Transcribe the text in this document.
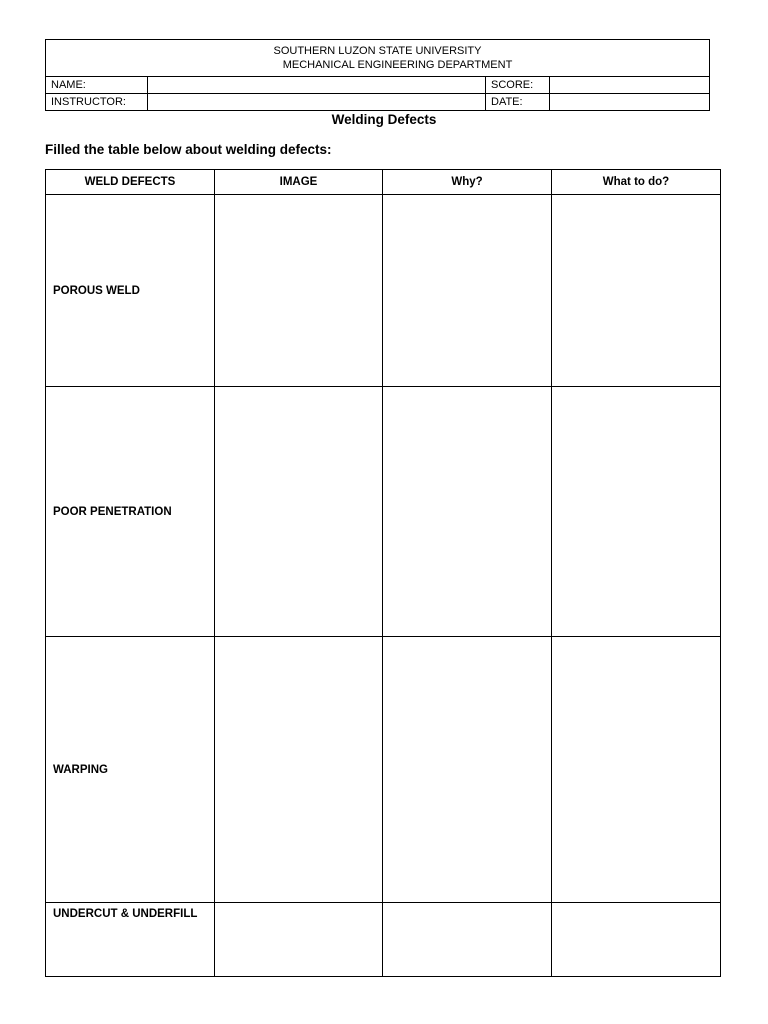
SOUTHERN LUZON STATE UNIVERSITY
MECHANICAL ENGINEERING DEPARTMENT			

NAME:		SCORE:	
INSTRUCTOR:		DATE:	
Welding Defects
Filled the table below about welding defects:
WELD DEFECTS	IMAGE	Why?	What to do?
POROUS WELD			
POOR PENETRATION			
WARPING			
UNDERCUT & UNDERFILL			
